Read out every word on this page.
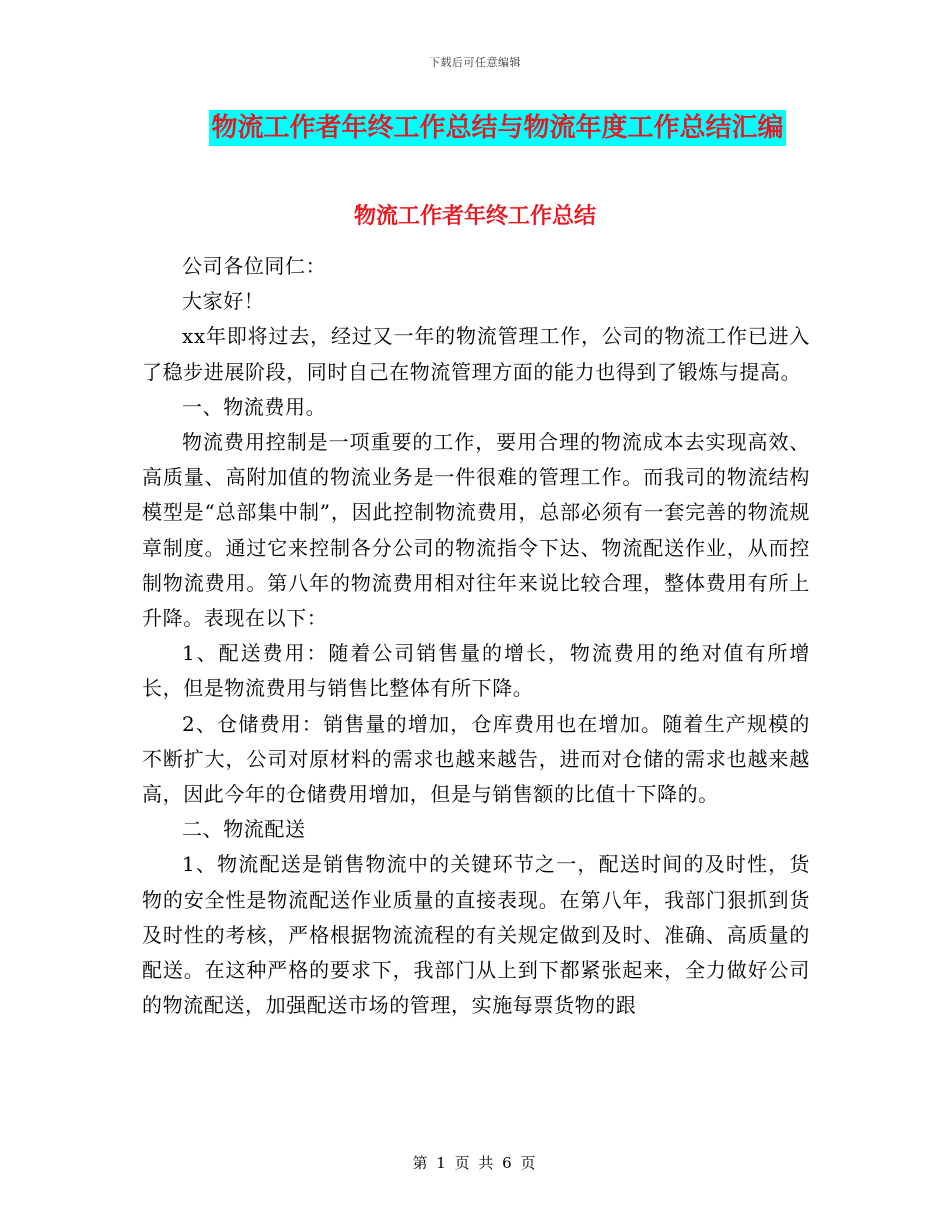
下载后可任意编辑
物流工作者年终工作总结与物流年度工作总结汇编
物流工作者年终工作总结

公司各位同仁：

大家好！

xx年即将过去，经过又一年的物流管理工作，公司的物流工作已进入了稳步进展阶段，同时自己在物流管理方面的能力也得到了锻炼与提高。

一、物流费用。

物流费用控制是一项重要的工作，要用合理的物流成本去实现高效、高质量、高附加值的物流业务是一件很难的管理工作。而我司的物流结构模型是“总部集中制”，因此控制物流费用，总部必须有一套完善的物流规章制度。通过它来控制各分公司的物流指令下达、物流配送作业，从而控制物流费用。第八年的物流费用相对往年来说比较合理，整体费用有所上升降。表现在以下：

1、配送费用：随着公司销售量的增长，物流费用的绝对值有所增长，但是物流费用与销售比整体有所下降。

2、仓储费用：销售量的增加，仓库费用也在增加。随着生产规模的不断扩大，公司对原材料的需求也越来越告，进而对仓储的需求也越来越高，因此今年的仓储费用增加，但是与销售额的比值十下降的。

二、物流配送

1、物流配送是销售物流中的关键环节之一，配送时间的及时性，货物的安全性是物流配送作业质量的直接表现。在第八年，我部门狠抓到货及时性的考核，严格根据物流流程的有关规定做到及时、准确、高质量的配送。在这种严格的要求下，我部门从上到下都紧张起来，全力做好公司的物流配送，加强配送市场的管理，实施每票货物的跟

第 1 页 共 6 页
